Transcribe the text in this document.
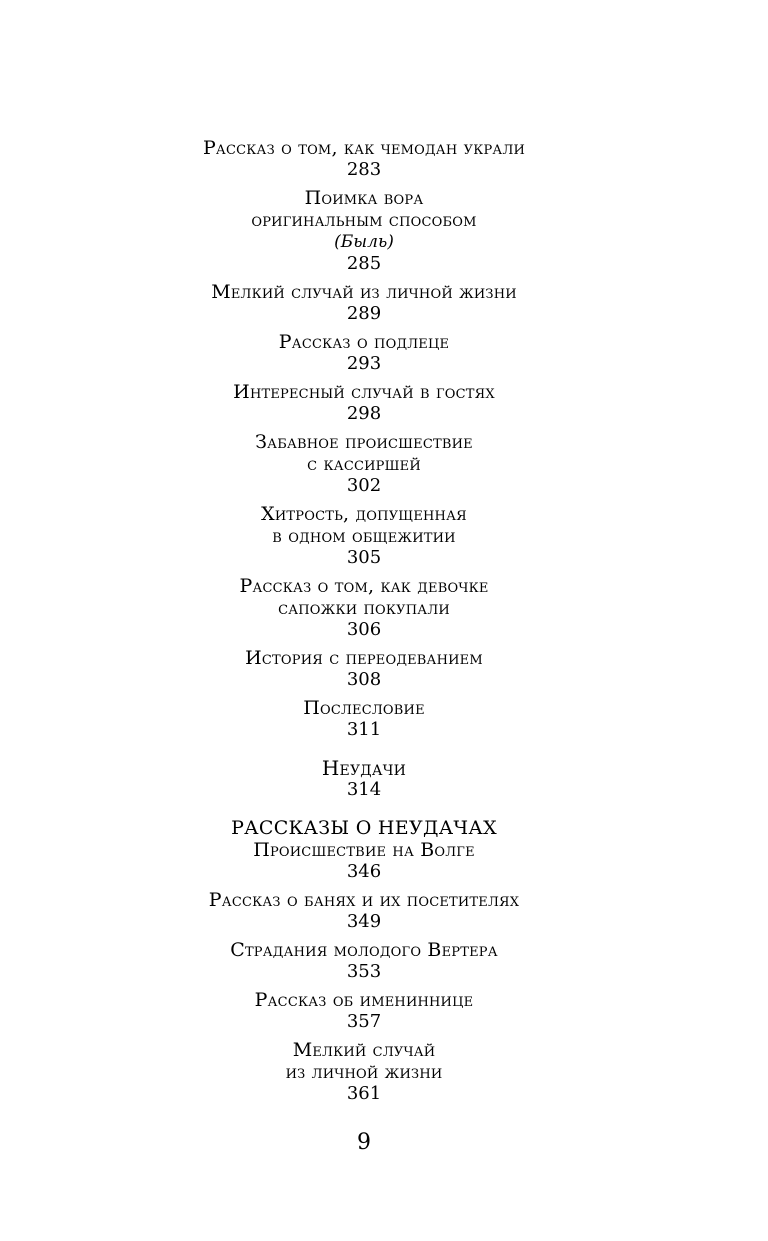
Рассказ о том, как чемодан украли
283
Поимка вора
оригинальным способом
(Быль)
285
Мелкий случай из личной жизни
289
Рассказ о подлеце
293
Интересный случай в гостях
298
Забавное происшествие
с кассиршей
302
Хитрость, допущенная
в одном общежитии
305
Рассказ о том, как девочке
сапожки покупали
306
История с переодеванием
308
Послесловие
311
Неудачи
314
РАССКАЗЫ О НЕУДАЧАХ
Происшествие на Волге
346
Рассказ о банях и их посетителях
349
Страдания молодого Вертера
353
Рассказ об имениннице
357
Мелкий случай
из личной жизни
361
9
